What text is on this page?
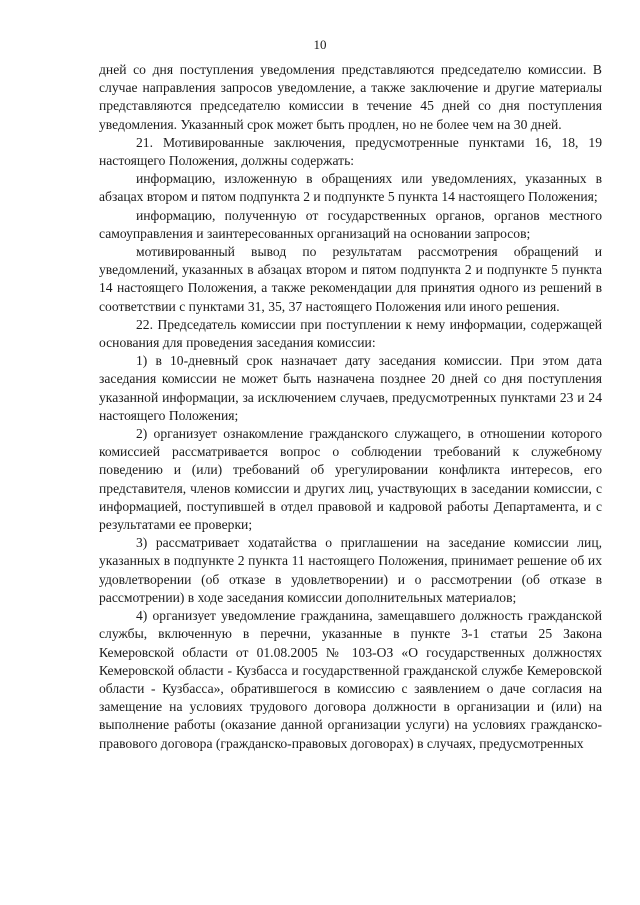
10

дней со дня поступления уведомления представляются председателю комиссии. В случае направления запросов уведомление, а также заключение и другие материалы представляются председателю комиссии в течение 45 дней со дня поступления уведомления. Указанный срок может быть продлен, но не более чем на 30 дней.

21. Мотивированные заключения, предусмотренные пунктами 16, 18, 19 настоящего Положения, должны содержать:

информацию, изложенную в обращениях или уведомлениях, указанных в абзацах втором и пятом подпункта 2 и подпункте 5 пункта 14 настоящего Положения;

информацию, полученную от государственных органов, органов местного самоуправления и заинтересованных организаций на основании запросов;

мотивированный вывод по результатам рассмотрения обращений и уведомлений, указанных в абзацах втором и пятом подпункта 2 и подпункте 5 пункта 14 настоящего Положения, а также рекомендации для принятия одного из решений в соответствии с пунктами 31, 35, 37 настоящего Положения или иного решения.

22. Председатель комиссии при поступлении к нему информации, содержащей основания для проведения заседания комиссии:

1) в 10-дневный срок назначает дату заседания комиссии. При этом дата заседания комиссии не может быть назначена позднее 20 дней со дня поступления указанной информации, за исключением случаев, предусмотренных пунктами 23 и 24 настоящего Положения;

2) организует ознакомление гражданского служащего, в отношении которого комиссией рассматривается вопрос о соблюдении требований к служебному поведению и (или) требований об урегулировании конфликта интересов, его представителя, членов комиссии и других лиц, участвующих в заседании комиссии, с информацией, поступившей в отдел правовой и кадровой работы Департамента, и с результатами ее проверки;

3) рассматривает ходатайства о приглашении на заседание комиссии лиц, указанных в подпункте 2 пункта 11 настоящего Положения, принимает решение об их удовлетворении (об отказе в удовлетворении) и о рассмотрении (об отказе в рассмотрении) в ходе заседания комиссии дополнительных материалов;

4) организует уведомление гражданина, замещавшего должность гражданской службы, включенную в перечни, указанные в пункте 3-1 статьи 25 Закона Кемеровской области от 01.08.2005 № 103-ОЗ «О государственных должностях Кемеровской области - Кузбасса и государственной гражданской службе Кемеровской области - Кузбасса», обратившегося в комиссию с заявлением о даче согласия на замещение на условиях трудового договора должности в организации и (или) на выполнение работы (оказание данной организации услуги) на условиях гражданско-правового договора (гражданско-правовых договорах) в случаях, предусмотренных
